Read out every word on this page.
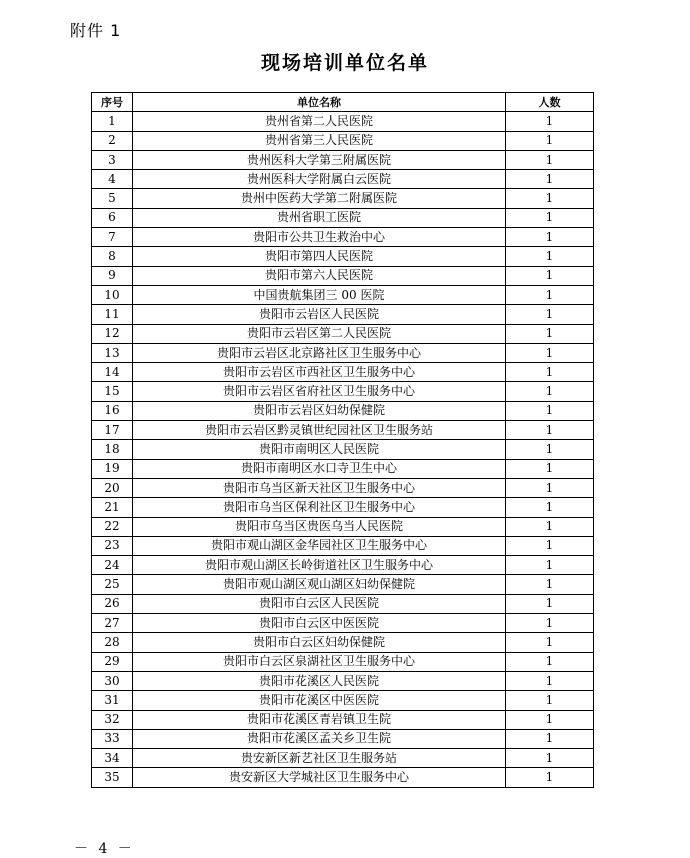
附件 1
现场培训单位名单
序号	单位名称	人数
1	贵州省第二人民医院	1
2	贵州省第三人民医院	1
3	贵州医科大学第三附属医院	1
4	贵州医科大学附属白云医院	1
5	贵州中医药大学第二附属医院	1
6	贵州省职工医院	1
7	贵阳市公共卫生救治中心	1
8	贵阳市第四人民医院	1
9	贵阳市第六人民医院	1
10	中国贵航集团三 00 医院	1
11	贵阳市云岩区人民医院	1
12	贵阳市云岩区第二人民医院	1
13	贵阳市云岩区北京路社区卫生服务中心	1
14	贵阳市云岩区市西社区卫生服务中心	1
15	贵阳市云岩区省府社区卫生服务中心	1
16	贵阳市云岩区妇幼保健院	1
17	贵阳市云岩区黔灵镇世纪园社区卫生服务站	1
18	贵阳市南明区人民医院	1
19	贵阳市南明区水口寺卫生中心	1
20	贵阳市乌当区新天社区卫生服务中心	1
21	贵阳市乌当区保利社区卫生服务中心	1
22	贵阳市乌当区贵医乌当人民医院	1
23	贵阳市观山湖区金华园社区卫生服务中心	1
24	贵阳市观山湖区长岭街道社区卫生服务中心	1
25	贵阳市观山湖区观山湖区妇幼保健院	1
26	贵阳市白云区人民医院	1
27	贵阳市白云区中医医院	1
28	贵阳市白云区妇幼保健院	1
29	贵阳市白云区泉湖社区卫生服务中心	1
30	贵阳市花溪区人民医院	1
31	贵阳市花溪区中医医院	1
32	贵阳市花溪区青岩镇卫生院	1
33	贵阳市花溪区孟关乡卫生院	1
34	贵安新区新艺社区卫生服务站	1
35	贵安新区大学城社区卫生服务中心	1
－ 4 －
